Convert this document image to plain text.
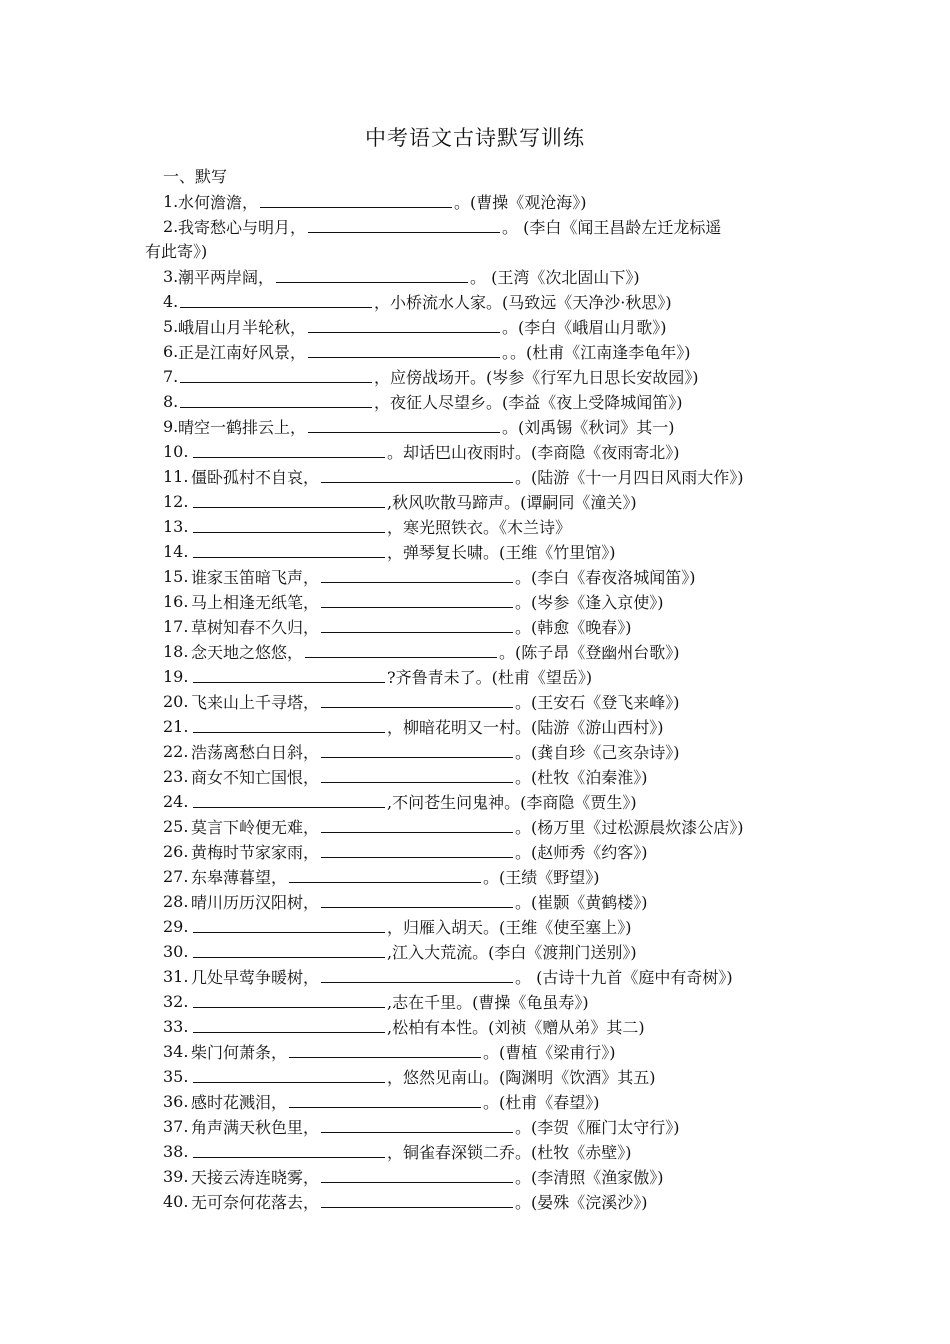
中考语文古诗默写训练
一、默写
1. 水何澹澹，	。(曹操《观沧海》)
2. 我寄愁心与明月，	。 (李白《闻王昌龄左迁龙标遥
有此寄》)
3. 潮平两岸阔，	。 (王湾《次北固山下》)
4.	，小桥流水人家。(马致远《天净沙·秋思》)
5. 峨眉山月半轮秋，	。(李白《峨眉山月歌》)
6. 正是江南好风景，	。。(杜甫《江南逢李龟年》)
7.	，应傍战场开。(岑参《行军九日思长安故园》)
8.	，夜征人尽望乡。(李益《夜上受降城闻笛》)
9. 晴空一鹤排云上，	。(刘禹锡《秋词》其一)
10.	。却话巴山夜雨时。(李商隐《夜雨寄北》)
11. 僵卧孤村不自哀，	。(陆游《十一月四日风雨大作》)
12.	,秋风吹散马蹄声。(谭嗣同《潼关》)
13.	，寒光照铁衣。《木兰诗》
14.	，弹琴复长啸。(王维《竹里馆》)
15. 谁家玉笛暗飞声，	。(李白《春夜洛城闻笛》)
16. 马上相逢无纸笔，	。(岑参《逢入京使》)
17. 草树知春不久归，	。(韩愈《晚春》)
18. 念天地之悠悠，	。(陈子昂《登幽州台歌》)
19.	?齐鲁青未了。(杜甫《望岳》)
20. 飞来山上千寻塔，	。(王安石《登飞来峰》)
21.	，柳暗花明又一村。(陆游《游山西村》)
22. 浩荡离愁白日斜，	。(龚自珍《己亥杂诗》)
23. 商女不知亡国恨，	。(杜牧《泊秦淮》)
24.	,不问苍生问鬼神。(李商隐《贾生》)
25. 莫言下岭便无难，	。(杨万里《过松源晨炊漆公店》)
26. 黄梅时节家家雨，	。(赵师秀《约客》)
27. 东皋薄暮望，	。(王绩《野望》)
28. 晴川历历汉阳树，	。(崔颢《黄鹤楼》)
29.	，归雁入胡天。(王维《使至塞上》)
30.	,江入大荒流。(李白《渡荆门送别》)
31. 几处早莺争暖树，	。 (古诗十九首《庭中有奇树》)
32.	,志在千里。(曹操《龟虽寿》)
33.	,松柏有本性。(刘祯《赠从弟》其二)
34. 柴门何萧条，	。(曹植《梁甫行》)
35.	，悠然见南山。(陶渊明《饮酒》其五)
36. 感时花溅泪，	。(杜甫《春望》)
37. 角声满天秋色里，	。(李贺《雁门太守行》)
38.	，铜雀春深锁二乔。(杜牧《赤壁》)
39. 天接云涛连晓雾，	。(李清照《渔家傲》)
40. 无可奈何花落去，	。(晏殊《浣溪沙》)
